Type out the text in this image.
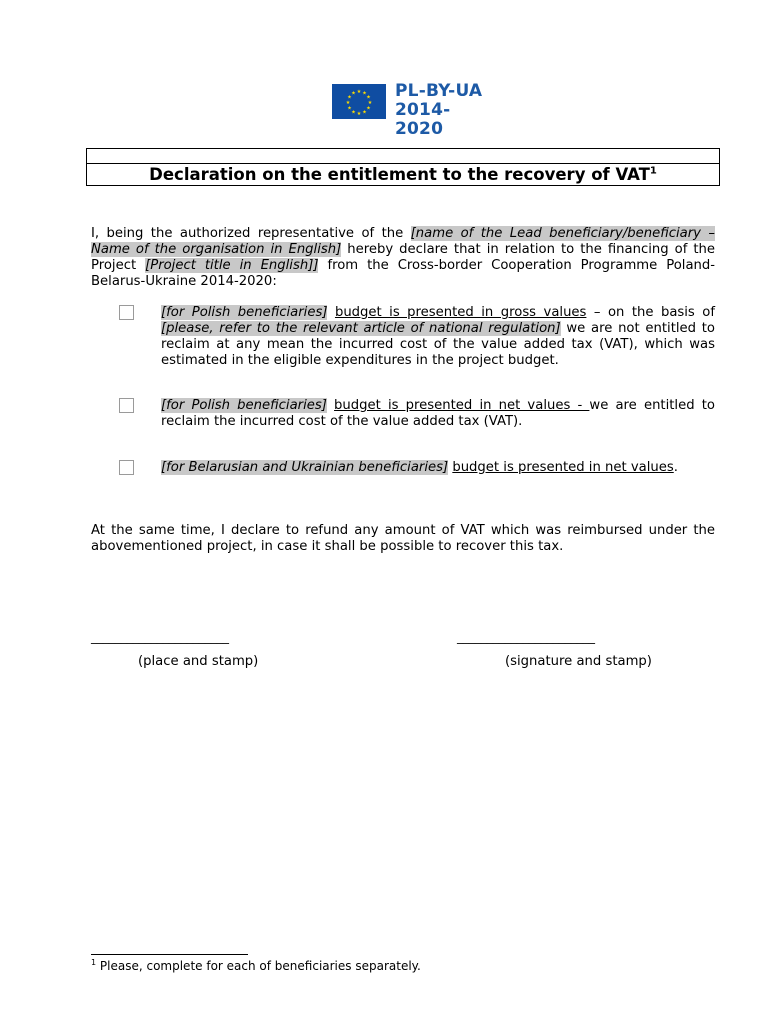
★ ★
★
★
★
★
★
★
★
★
★
★ PL-BY-UA
2014-2020
Declaration on the entitlement to the recovery of VAT$^1$
I, being the authorized representative of the [name of the Lead beneficiary/beneficiary – Name of the organisation in English] hereby declare that in relation to the financing of the Project [Project title in English]] from the Cross-border Cooperation Programme Poland-Belarus-Ukraine 2014-2020:
[for Polish beneficiaries] budget is presented in gross values – on the basis of [please, refer to the relevant article of national regulation] we are not entitled to reclaim at any mean the incurred cost of the value added tax (VAT), which was estimated in the eligible expenditures in the project budget.
[for Polish beneficiaries] budget is presented in net values - we are entitled to reclaim the incurred cost of the value added tax (VAT).
[for Belarusian and Ukrainian beneficiaries] budget is presented in net values.
At the same time, I declare to refund any amount of VAT which was reimbursed under the abovementioned project, in case it shall be possible to recover this tax.
_______________________	_______________________
(place and stamp)	(signature and stamp)
$^1$ Please, complete for each of beneficiaries separately.
